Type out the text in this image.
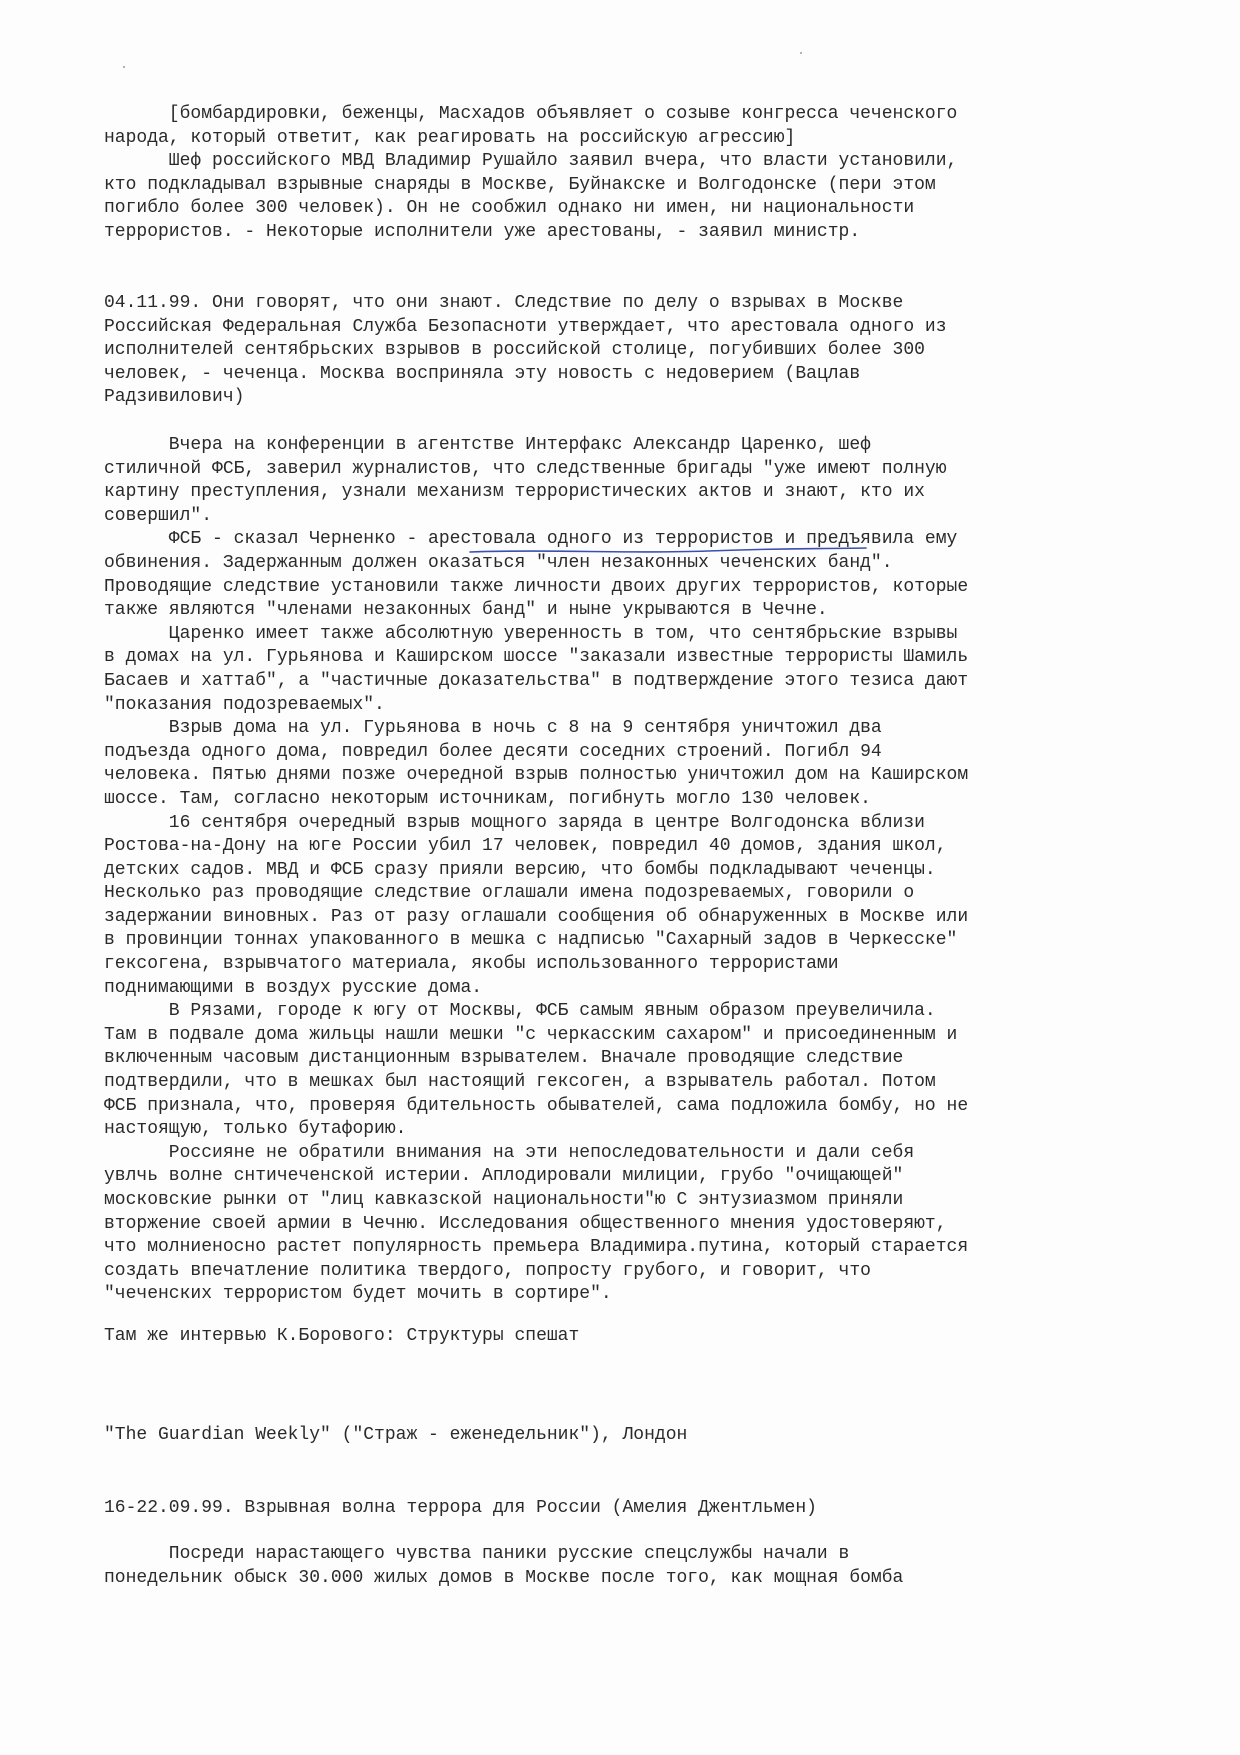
[бомбардировки, беженцы, Масхадов объявляет о созыве конгресса чеченского
народа, который ответит, как реагировать на российскую агрессию]
Шеф российского МВД Владимир Рушайло заявил вчера, что власти установили,
кто подкладывал взрывные снаряды в Москве, Буйнакске и Волгодонске (пери этом
погибло более 300 человек). Он не сообжил однако ни имен, ни национальности
террористов. - Некоторые исполнители уже арестованы, - заявил министр.
04.11.99. Они говорят, что они знают. Следствие по делу о взрывах в Москве
Российская Федеральная Служба Безопасноти утверждает, что арестовала одного из
исполнителей сентябрьских взрывов в российской столице, погубивших более 300
человек, - чеченца. Москва восприняла эту новость с недоверием (Вацлав
Радзивилович)
Вчера на конференции в агентстве Интерфакс Александр Царенко, шеф
стиличной ФСБ, заверил журналистов, что следственные бригады "уже имеют полную
картину преступления, узнали механизм террористических актов и знают, кто их
совершил".
ФСБ - сказал Черненко - арестовала одного из террористов и предъявила ему
обвинения. Задержанным должен оказаться "член незаконных чеченских банд".
Проводящие следствие установили также личности двоих других террористов, которые
также являются "членами незаконных банд" и ныне укрываются в Чечне.
Царенко имеет также абсолютную уверенность в том, что сентябрьские взрывы
в домах на ул. Гурьянова и Каширском шоссе "заказали известные террористы Шамиль
Басаев и хаттаб", а "частичные доказательства" в подтверждение этого тезиса дают
"показания подозреваемых".
Взрыв дома на ул. Гурьянова в ночь с 8 на 9 сентября уничтожил два
подъезда одного дома, повредил более десяти соседних строений. Погибл 94
человека. Пятью днями позже очередной взрыв полностью уничтожил дом на Каширском
шоссе. Там, согласно некоторым источникам, погибнуть могло 130 человек.
16 сентября очередный взрыв мощного заряда в центре Волгодонска вблизи
Ростова-на-Дону на юге России убил 17 человек, повредил 40 домов, здания школ,
детских садов. МВД и ФСБ сразу прияли версию, что бомбы подкладывают чеченцы.
Несколько раз проводящие следствие оглашали имена подозреваемых, говорили о
задержании виновных. Раз от разу оглашали сообщения об обнаруженных в Москве или
в провинции тоннах упакованного в мешка с надписью "Сахарный задов в Черкесске"
гексогена, взрывчатого материала, якобы использованного террористами
поднимающими в воздух русские дома.
В Рязами, городе к югу от Москвы, ФСБ самым явным образом преувеличила.
Там в подвале дома жильцы нашли мешки "с черкасским сахаром" и присоединенным и
включенным часовым дистанционным взрывателем. Вначале проводящие следствие
подтвердили, что в мешках был настоящий гексоген, а взрыватель работал. Потом
ФСБ признала, что, проверяя бдительность обывателей, сама подложила бомбу, но не
настоящую, только бутафорию.
Россияне не обратили внимания на эти непоследовательности и дали себя
увлчь волне снтичеченской истерии. Аплодировали милиции, грубо "очищающей"
московские рынки от "лиц кавказской национальности"ю С энтузиазмом приняли
вторжение своей армии в Чечню. Исследования общественного мнения удостоверяют,
что молниеносно растет популярность премьера Владимира.путина, который старается
создать впечатление политика твердого, попросту грубого, и говорит, что
"чеченских террористом будет мочить в сортире".
Там же интервью К.Борового: Структуры спешат
"The Guardian Weekly" ("Страж - еженедельник"), Лондон
16-22.09.99. Взрывная волна террора для России (Амелия Джентльмен)
Посреди нарастающего чувства паники русские спецслужбы начали в
понедельник обыск 30.000 жилых домов в Москве после того, как мощная бомба
